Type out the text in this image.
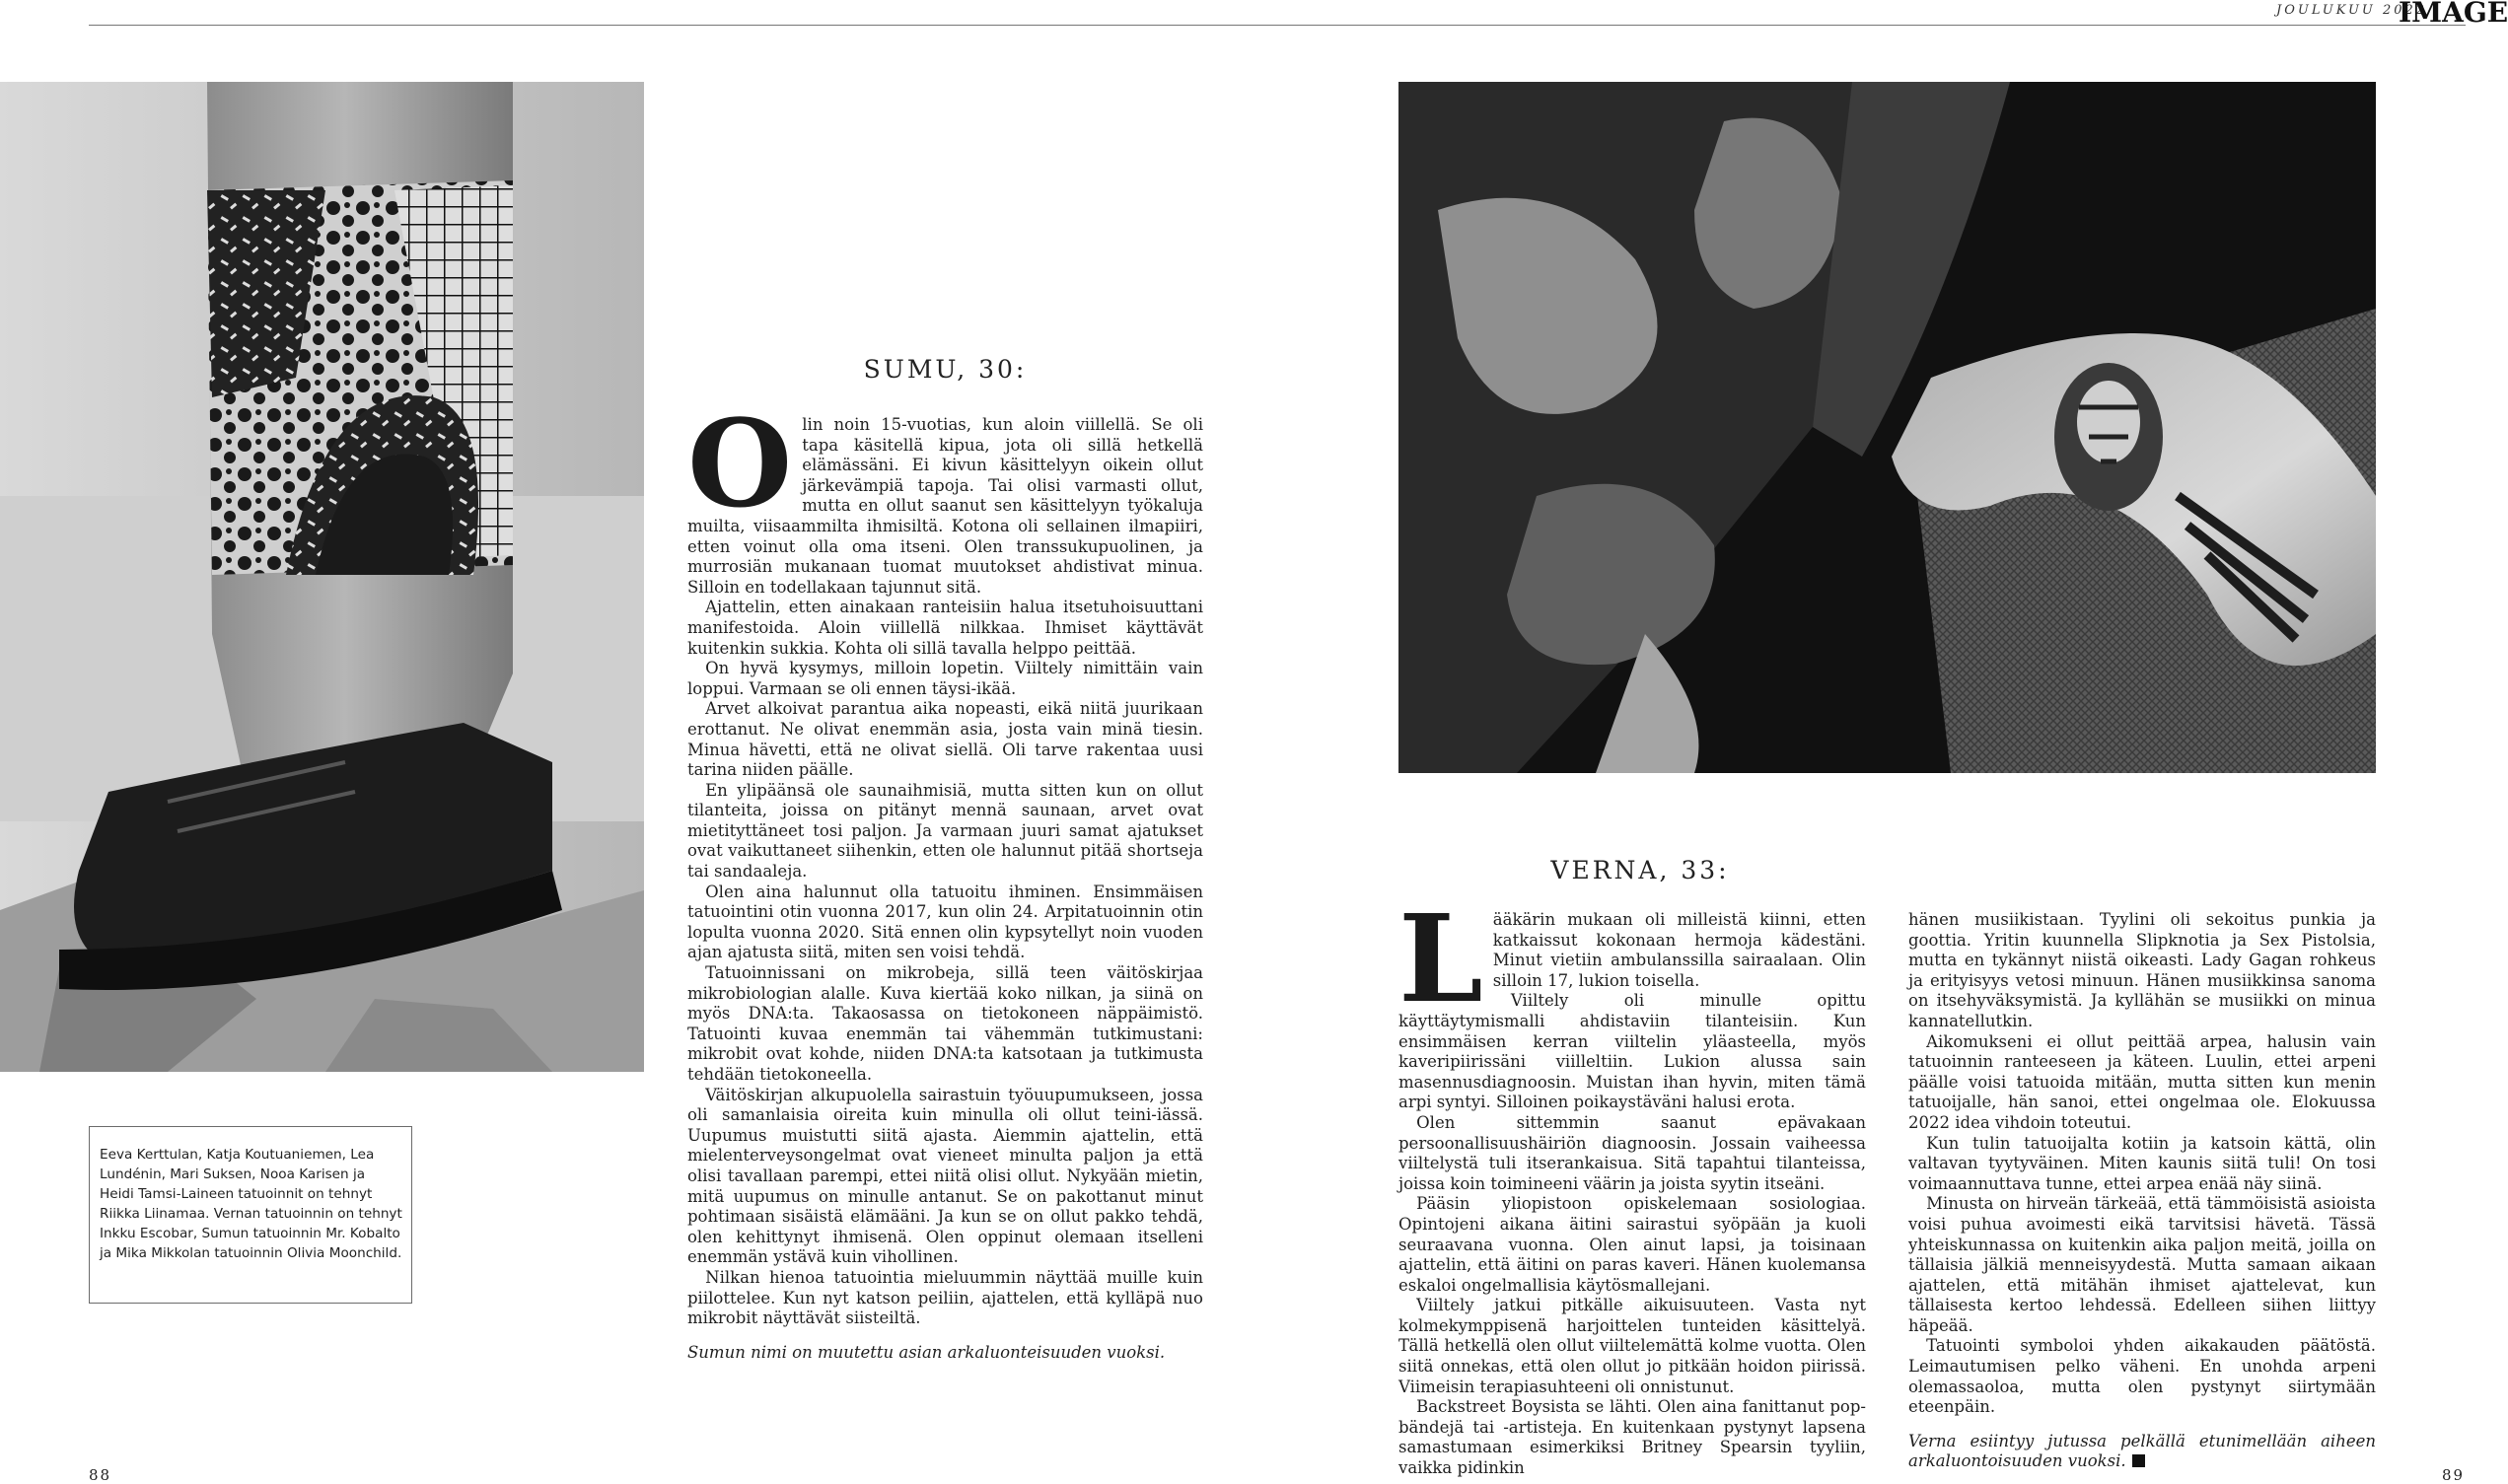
JOULUKUU 2022
IMAGE
Eeva Kerttulan, Katja Koutuaniemen, Lea Lundénin, Mari Suksen, Nooa Karisen ja Heidi Tamsi-Laineen tatuoinnit on tehnyt Riikka Liinamaa. Vernan tatuoinnin on tehnyt Inkku Escobar, Sumun tatuoinnin Mr. Kobalto ja Mika Mikkolan tatuoinnin Olivia Moonchild.
SUMU, 30:

Olin noin 15-vuotias, kun aloin viillellä. Se oli tapa käsitellä kipua, jota oli sillä hetkellä elämässäni. Ei kivun käsittelyyn oikein ollut järkevämpiä tapoja. Tai olisi varmasti ollut, mutta en ollut saanut sen käsittelyyn työkaluja muilta, viisaammilta ihmisiltä. Kotona oli sellainen ilmapiiri, etten voinut olla oma itseni. Olen transsukupuolinen, ja murrosiän mukanaan tuomat muutokset ahdistivat minua. Silloin en todellakaan tajunnut sitä.

Ajattelin, etten ainakaan ranteisiin halua itsetuhoisuuttani manifestoida. Aloin viillellä nilkkaa. Ihmiset käyttävät kuitenkin sukkia. Kohta oli sillä tavalla helppo peittää.

On hyvä kysymys, milloin lopetin. Viiltely nimittäin vain loppui. Varmaan se oli ennen täysi-ikää.

Arvet alkoivat parantua aika nopeasti, eikä niitä juurikaan erottanut. Ne olivat enemmän asia, josta vain minä tiesin. Minua hävetti, että ne olivat siellä. Oli tarve rakentaa uusi tarina niiden päälle.

En ylipäänsä ole saunaihmisiä, mutta sitten kun on ollut tilanteita, joissa on pitänyt mennä saunaan, arvet ovat mietityttäneet tosi paljon. Ja varmaan juuri samat ajatukset ovat vaikuttaneet siihenkin, etten ole halunnut pitää shortseja tai sandaaleja.

Olen aina halunnut olla tatuoitu ihminen. Ensimmäisen tatuointini otin vuonna 2017, kun olin 24. Arpitatuoinnin otin lopulta vuonna 2020. Sitä ennen olin kypsytellyt noin vuoden ajan ajatusta siitä, miten sen voisi tehdä.

Tatuoinnissani on mikrobeja, sillä teen väitöskirjaa mikrobiologian alalle. Kuva kiertää koko nilkan, ja siinä on myös DNA:ta. Takaosassa on tietokoneen näppäimistö. Tatuointi kuvaa enemmän tai vähemmän tutkimustani: mikrobit ovat kohde, niiden DNA:ta katsotaan ja tutkimusta tehdään tietokoneella.

Väitöskirjan alkupuolella sairastuin työuupumukseen, jossa oli samanlaisia oireita kuin minulla oli ollut teini-iässä. Uupumus muistutti siitä ajasta. Aiemmin ajattelin, että mielenterveysongelmat ovat vieneet minulta paljon ja että olisi tavallaan parempi, ettei niitä olisi ollut. Nykyään mietin, mitä uupumus on minulle antanut. Se on pakottanut minut pohtimaan sisäistä elämääni. Ja kun se on ollut pakko tehdä, olen kehittynyt ihmisenä. Olen oppinut olemaan itselleni enemmän ystävä kuin vihollinen.

Nilkan hienoa tatuointia mieluummin näyttää muille kuin piilottelee. Kun nyt katson peiliin, ajattelen, että kylläpä nuo mikrobit näyttävät siisteiltä.

Sumun nimi on muutettu asian arkaluonteisuuden vuoksi.

VERNA, 33:

Lääkärin mukaan oli milleistä kiinni, etten katkaissut kokonaan hermoja kädestäni. Minut vietiin ambulanssilla sairaalaan. Olin silloin 17, lukion toisella.

Viiltely oli minulle opittu käyttäytymismalli ahdistaviin tilanteisiin. Kun ensimmäisen kerran viiltelin yläasteella, myös kaveripiirissäni viilleltiin. Lukion alussa sain masennusdiagnoosin. Muistan ihan hyvin, miten tämä arpi syntyi. Silloinen poikaystäväni halusi erota.

Olen sittemmin saanut epävakaan persoonallisuushäiriön diagnoosin. Jossain vaiheessa viiltelystä tuli itserankaisua. Sitä tapahtui tilanteissa, joissa koin toimineeni väärin ja joista syytin itseäni.

Pääsin yliopistoon opiskelemaan sosiologiaa. Opintojeni aikana äitini sairastui syöpään ja kuoli seuraavana vuonna. Olen ainut lapsi, ja toisinaan ajattelin, että äitini on paras kaveri. Hänen kuolemansa eskaloi ongelmallisia käytösmallejani.

Viiltely jatkui pitkälle aikuisuuteen. Vasta nyt kolmekymppisenä harjoittelen tunteiden käsittelyä. Tällä hetkellä olen ollut viiltelemättä kolme vuotta. Olen siitä onnekas, että olen ollut jo pitkään hoidon piirissä. Viimeisin terapiasuhteeni oli onnistunut.

Backstreet Boysista se lähti. Olen aina fanittanut pop-bändejä tai -artisteja. En kuitenkaan pystynyt lapsena samastumaan esimerkiksi Britney Spearsin tyyliin, vaikka pidinkin

hänen musiikistaan. Tyylini oli sekoitus punkia ja goottia. Yritin kuunnella Slipknotia ja Sex Pistolsia, mutta en tykännyt niistä oikeasti. Lady Gagan rohkeus ja erityisyys vetosi minuun. Hänen musiikkinsa sanoma on itsehyväksymistä. Ja kyllähän se musiikki on minua kannatellutkin.

Aikomukseni ei ollut peittää arpea, halusin vain tatuoinnin ranteeseen ja käteen. Luulin, ettei arpeni päälle voisi tatuoida mitään, mutta sitten kun menin tatuoijalle, hän sanoi, ettei ongelmaa ole. Elokuussa 2022 idea vihdoin toteutui.

Kun tulin tatuoijalta kotiin ja katsoin kättä, olin valtavan tyytyväinen. Miten kaunis siitä tuli! On tosi voimaannuttava tunne, ettei arpea enää näy siinä.

Minusta on hirveän tärkeää, että tämmöisistä asioista voisi puhua avoimesti eikä tarvitsisi hävetä. Tässä yhteiskunnassa on kuitenkin aika paljon meitä, joilla on tällaisia jälkiä menneisyydestä. Mutta samaan aikaan ajattelen, että mitähän ihmiset ajattelevat, kun tällaisesta kertoo lehdessä. Edelleen siihen liittyy häpeää.

Tatuointi symboloi yhden aikakauden päätöstä. Leimautumisen pelko väheni. En unohda arpeni olemassaoloa, mutta olen pystynyt siirtymään eteenpäin.

Verna esiintyy jutussa pelkällä etunimellään aiheen arkaluontoisuuden vuoksi.

88	89
